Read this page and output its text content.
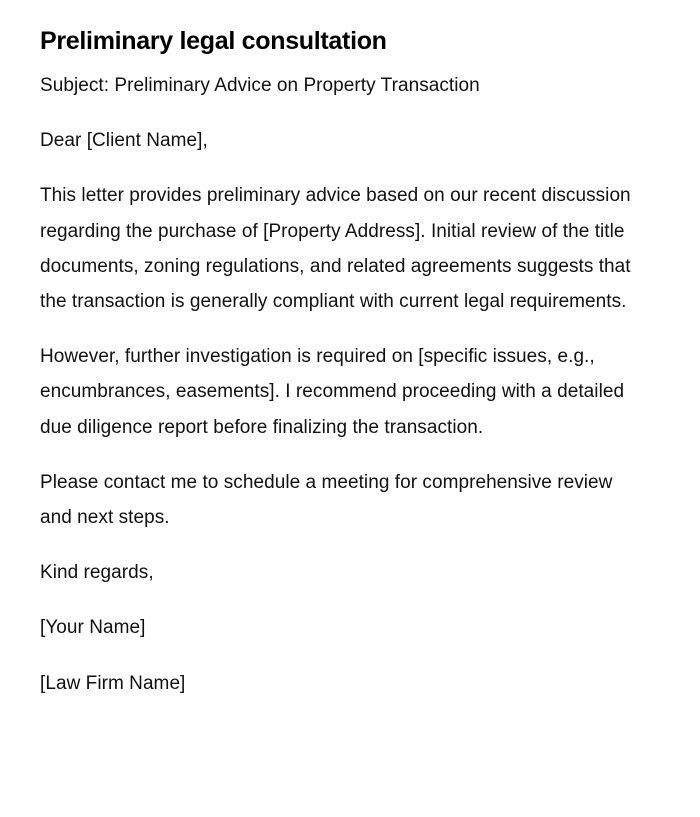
Preliminary legal consultation

Subject: Preliminary Advice on Property Transaction

Dear [Client Name],

This letter provides preliminary advice based on our recent discussion regarding the purchase of [Property Address]. Initial review of the title documents, zoning regulations, and related agreements suggests that the transaction is generally compliant with current legal requirements.

However, further investigation is required on [specific issues, e.g., encumbrances, easements]. I recommend proceeding with a detailed due diligence report before finalizing the transaction.

Please contact me to schedule a meeting for comprehensive review and next steps.

Kind regards,

[Your Name]

[Law Firm Name]
